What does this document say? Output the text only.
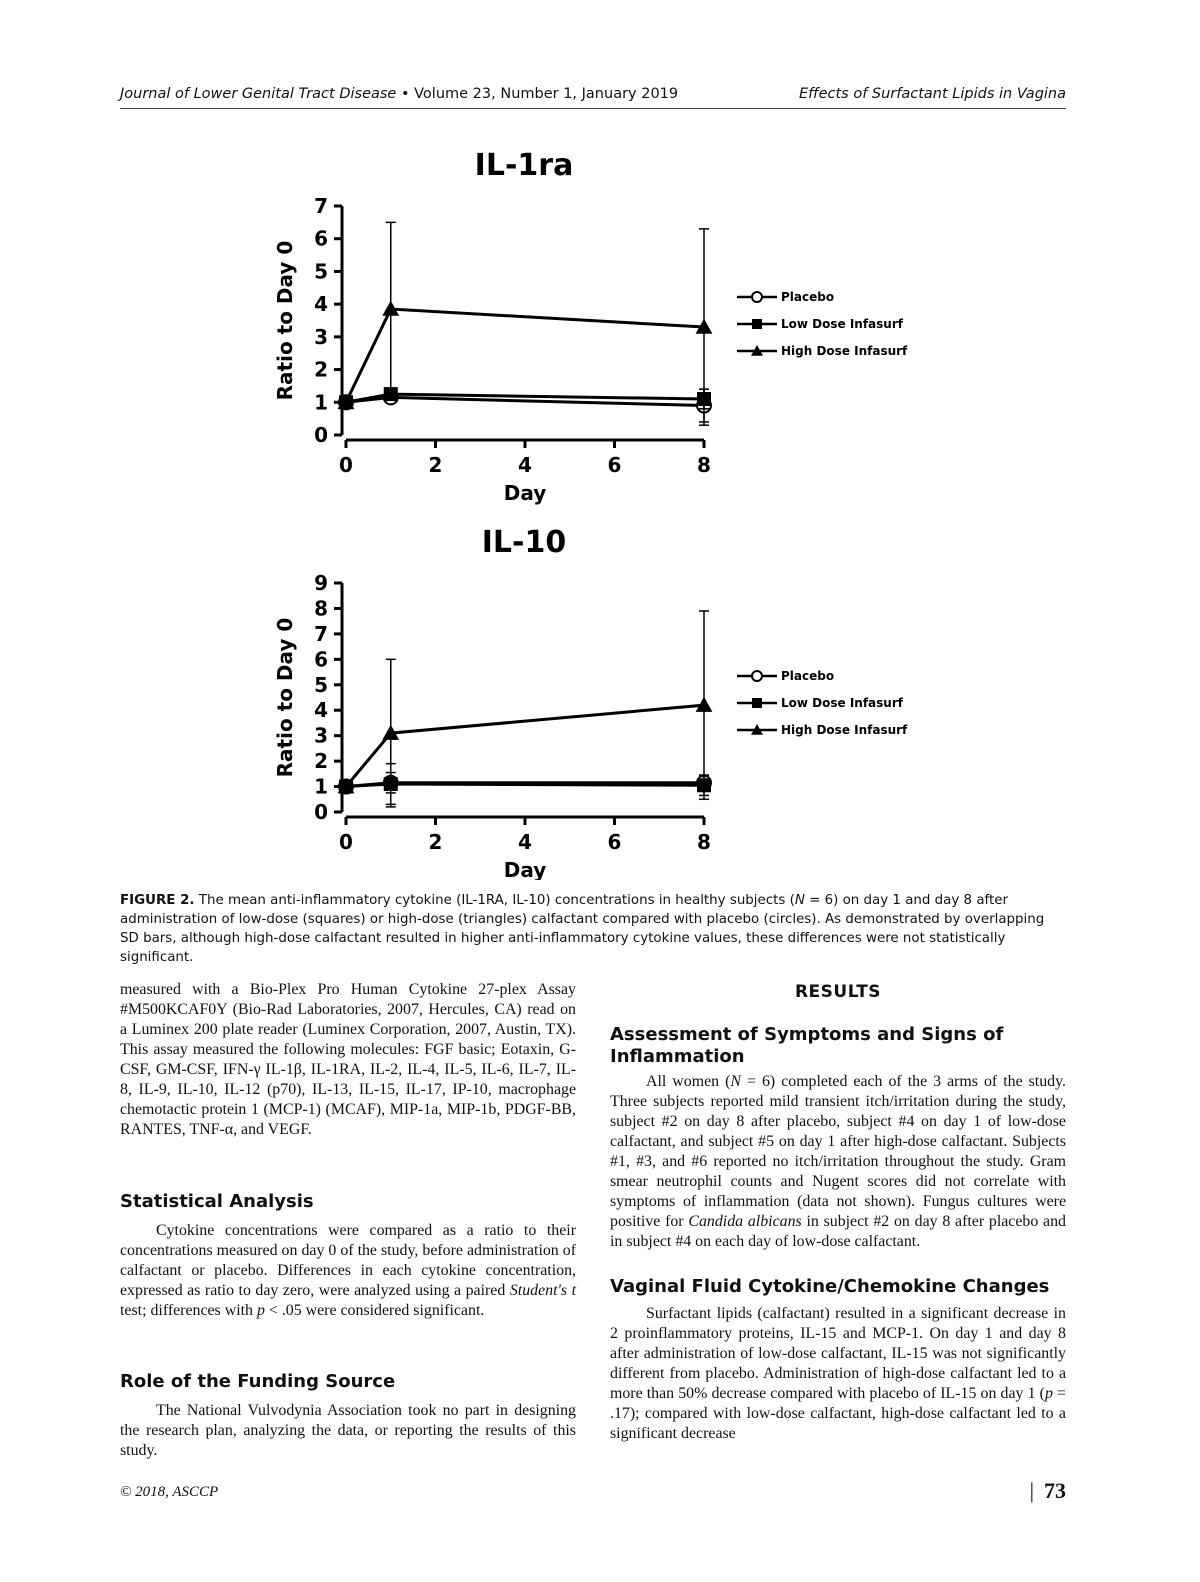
Journal of Lower Genital Tract Disease • Volume 23, Number 1, January 2019	Effects of Surfactant Lipids in Vagina
IL-1ra
0
1
2
3
4
5
6
7
Ratio to Day 0
0	2	4	6	8
Day
Placebo
Low Dose Infasurf
High Dose Infasurf
IL-10
0
1
2
3
4
5
6
7
8
9
Ratio to Day 0
0	2	4	6	8
Day
Placebo
Low Dose Infasurf
High Dose Infasurf
FIGURE 2. The mean anti-inflammatory cytokine (IL-1RA, IL-10) concentrations in healthy subjects (N = 6) on day 1 and day 8 after administration of low-dose (squares) or high-dose (triangles) calfactant compared with placebo (circles). As demonstrated by overlapping SD bars, although high-dose calfactant resulted in higher anti-inflammatory cytokine values, these differences were not statistically significant.

measured with a Bio-Plex Pro Human Cytokine 27-plex Assay #M500KCAF0Y (Bio-Rad Laboratories, 2007, Hercules, CA) read on a Luminex 200 plate reader (Luminex Corporation, 2007, Austin, TX). This assay measured the following molecules: FGF basic; Eotaxin, G-CSF, GM-CSF, IFN-γ IL-1β, IL-1RA, IL-2, IL-4, IL-5, IL-6, IL-7, IL-8, IL-9, IL-10, IL-12 (p70), IL-13, IL-15, IL-17, IP-10, macrophage chemotactic protein 1 (MCP-1) (MCAF), MIP-1a, MIP-1b, PDGF-BB, RANTES, TNF-α, and VEGF.

Statistical Analysis

Cytokine concentrations were compared as a ratio to their concentrations measured on day 0 of the study, before administration of calfactant or placebo. Differences in each cytokine concentration, expressed as ratio to day zero, were analyzed using a paired Student's t test; differences with p < .05 were considered significant.

Role of the Funding Source

The National Vulvodynia Association took no part in designing the research plan, analyzing the data, or reporting the results of this study.

RESULTS
Assessment of Symptoms and Signs of Inflammation

All women (N = 6) completed each of the 3 arms of the study. Three subjects reported mild transient itch/irritation during the study, subject #2 on day 8 after placebo, subject #4 on day 1 of low-dose calfactant, and subject #5 on day 1 after high-dose calfactant. Subjects #1, #3, and #6 reported no itch/irritation throughout the study. Gram smear neutrophil counts and Nugent scores did not correlate with symptoms of inflammation (data not shown). Fungus cultures were positive for Candida albicans in subject #2 on day 8 after placebo and in subject #4 on each day of low-dose calfactant.

Vaginal Fluid Cytokine/Chemokine Changes

Surfactant lipids (calfactant) resulted in a significant decrease in 2 proinflammatory proteins, IL-15 and MCP-1. On day 1 and day 8 after administration of low-dose calfactant, IL-15 was not significantly different from placebo. Administration of high-dose calfactant led to a more than 50% decrease compared with placebo of IL-15 on day 1 (p = .17); compared with low-dose calfactant, high-dose calfactant led to a significant decrease

© 2018, ASCCP	| 73
